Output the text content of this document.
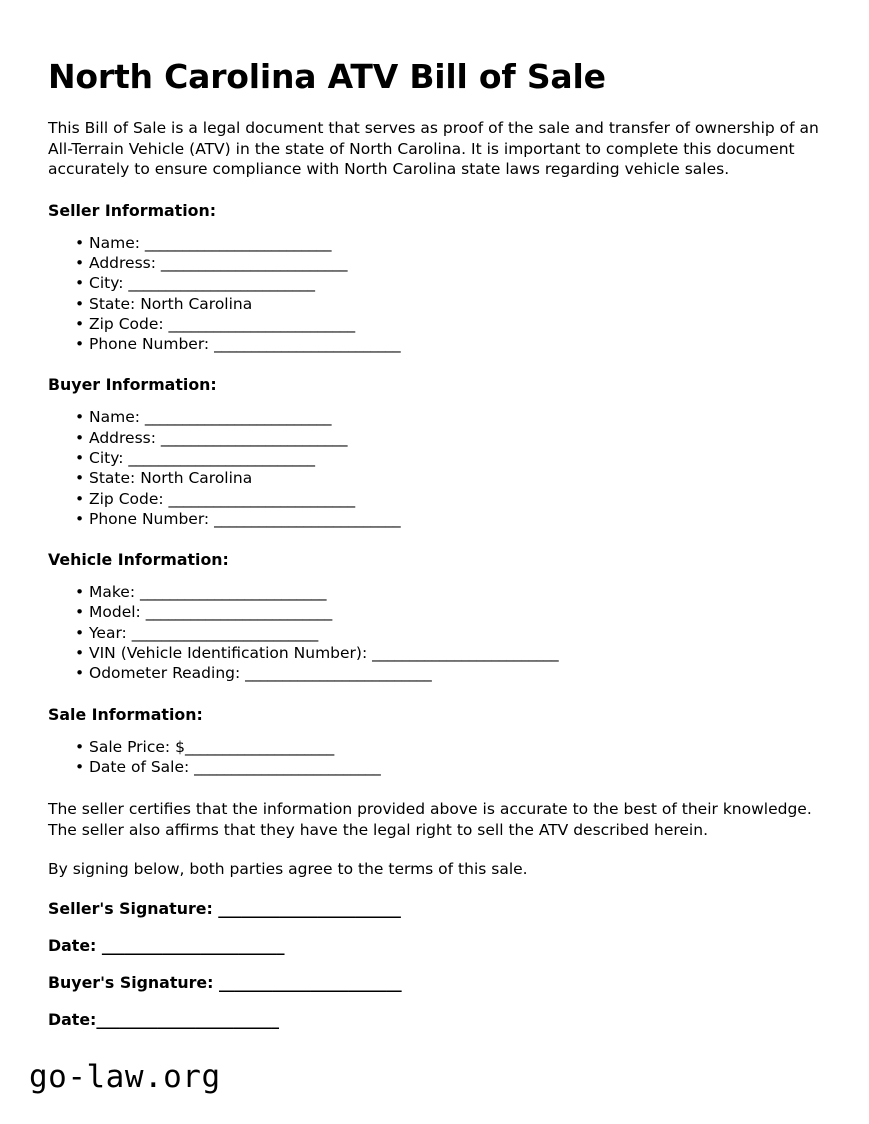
North Carolina ATV Bill of Sale

This Bill of Sale is a legal document that serves as proof of the sale and transfer of ownership of an All-Terrain Vehicle (ATV) in the state of North Carolina. It is important to complete this document accurately to ensure compliance with North Carolina state laws regarding vehicle sales.

Seller Information:
• Name: _________________________
• Address: _________________________
• City: _________________________
• State: North Carolina
• Zip Code: _________________________
• Phone Number: _________________________
Buyer Information:
• Name: _________________________
• Address: _________________________
• City: _________________________
• State: North Carolina
• Zip Code: _________________________
• Phone Number: _________________________
Vehicle Information:
• Make: _________________________
• Model: _________________________
• Year: _________________________
• VIN (Vehicle Identification Number): _________________________
• Odometer Reading: _________________________
Sale Information:
• Sale Price: $____________________
• Date of Sale: _________________________

The seller certifies that the information provided above is accurate to the best of their knowledge. The seller also affirms that they have the legal right to sell the ATV described herein.

By signing below, both parties agree to the terms of this sale.

Seller's Signature: ________________________
Date: ________________________
Buyer's Signature: ________________________
Date:________________________
go-law.org
